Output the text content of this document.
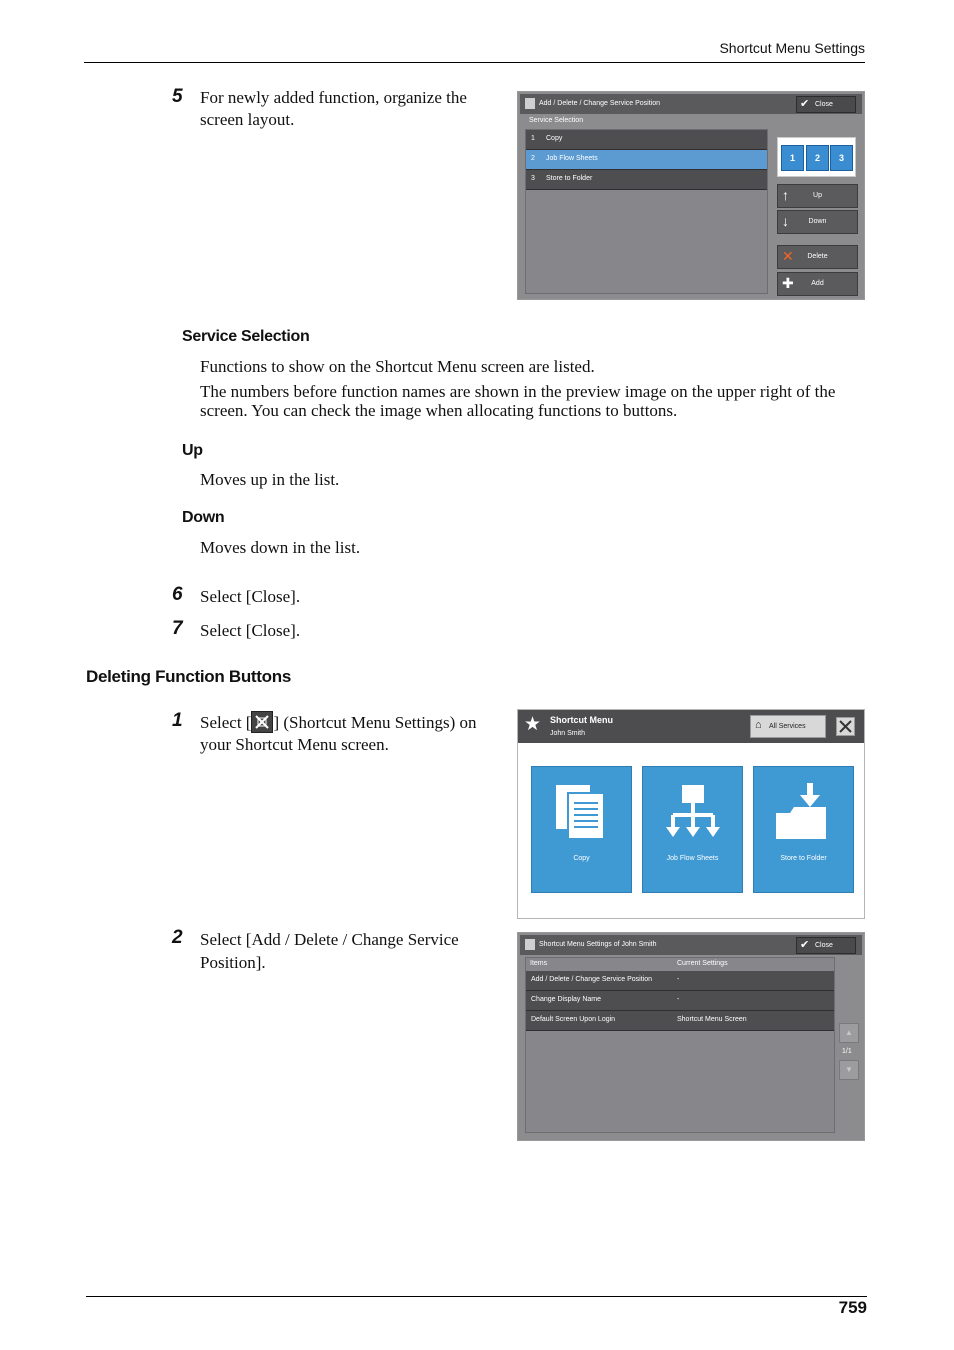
Shortcut Menu Settings
5 For newly added function, organize the screen layout.
Add / Delete / Change Service Position	✔ Close
Service Selection
1 Copy
2 Job Flow Sheets
3 Store to Folder
1	2	3
↑	Up
↓	Down
✕	Delete
✚	Add
Service Selection
Functions to show on the Shortcut Menu screen are listed.
The numbers before function names are shown in the preview image on the upper right of the screen. You can check the image when allocating functions to buttons.
Up
Moves up in the list.
Down
Moves down in the list.
6 Select [Close].
7 Select [Close].
Deleting Function Buttons
1 Select [ ] (Shortcut Menu Settings) on your Shortcut Menu screen.
★ Shortcut Menu
John Smith
⌂ All Services
Copy	Job Flow Sheets	Store to Folder
2 Select [Add / Delete / Change Service Position].
Shortcut Menu Settings of John Smith	✔ Close
Items	Current Settings
Add / Delete / Change Service Position	-
Change Display Name	-
Default Screen Upon Login	Shortcut Menu Screen
▲
1/1
▼
759
